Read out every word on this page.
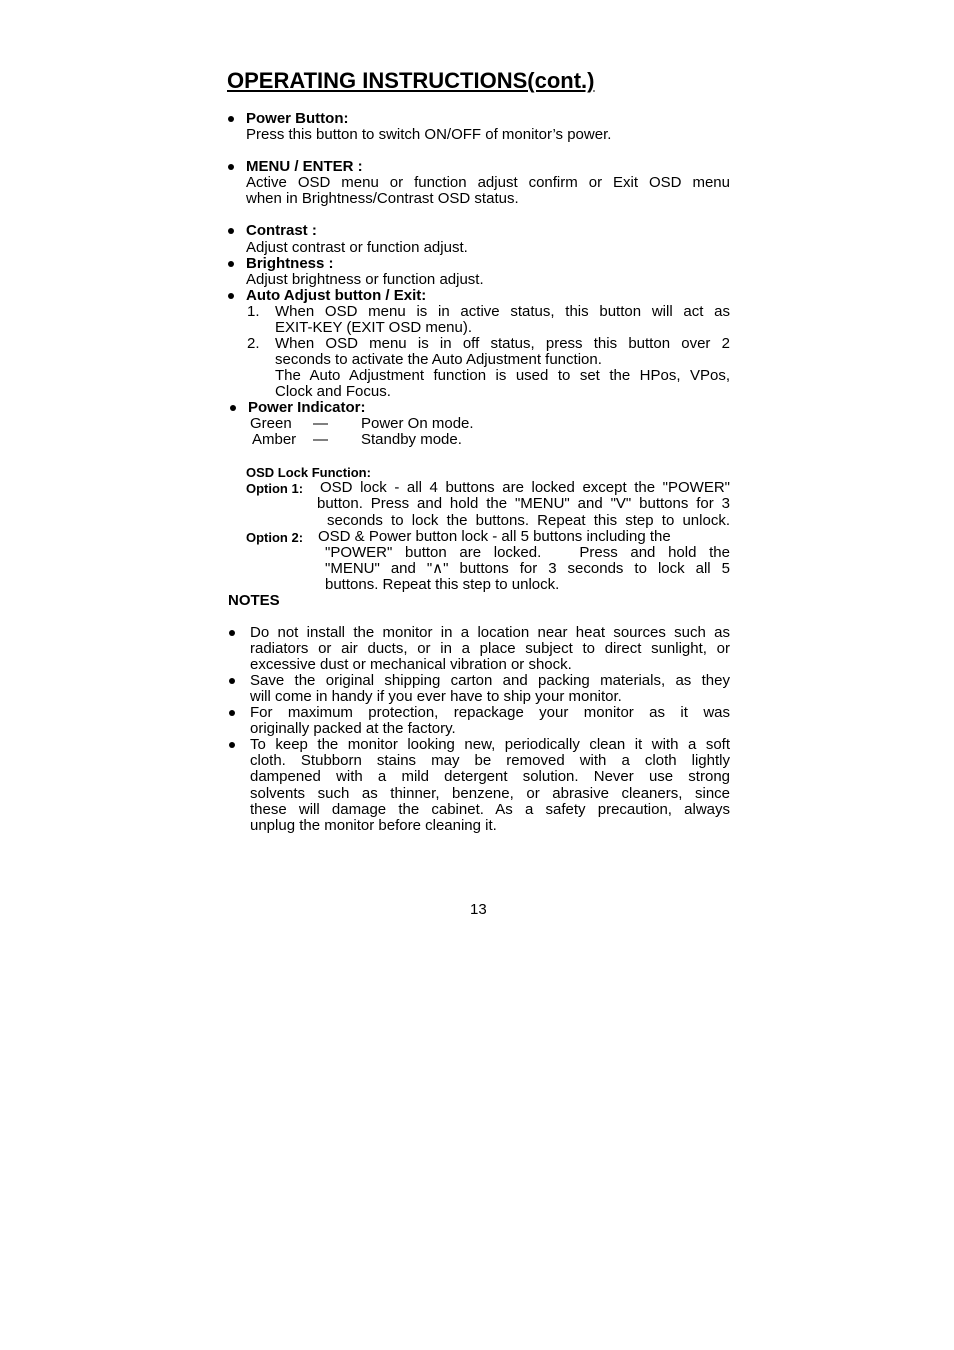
OPERATING INSTRUCTIONS(cont.)
Power Button:
Press this button to switch ON/OFF of monitor’s power.
MENU / ENTER :
Active OSD menu or function adjust confirm or Exit OSD menu
when in Brightness/Contrast OSD status.
Contrast :
Adjust contrast or function adjust.
Brightness :
Adjust brightness or function adjust.
Auto Adjust button / Exit:
1. When OSD menu is in active status, this button will act as
EXIT-KEY (EXIT OSD menu).
2. When OSD menu is in off status, press this button over 2
seconds to activate the Auto Adjustment function.
The Auto Adjustment function is used to set the HPos, VPos,
Clock and Focus.
Power Indicator:
Green — Power On mode.
Amber — Standby mode.
OSD Lock Function:
Option 1: OSD lock - all 4 buttons are locked except the "POWER"
button. Press and hold the "MENU" and "V" buttons for 3
seconds to lock the buttons. Repeat this step to unlock.
Option 2: OSD & Power button lock - all 5 buttons including the
"POWER" button are locked.   Press and hold the
"MENU" and "∧" buttons for 3 seconds to lock all 5
buttons. Repeat this step to unlock.
NOTES
Do not install the monitor in a location near heat sources such as
radiators or air ducts, or in a place subject to direct sunlight, or
excessive dust or mechanical vibration or shock.
Save the original shipping carton and packing materials, as they
will come in handy if you ever have to ship your monitor.
For maximum protection, repackage your monitor as it was
originally packed at the factory.
To keep the monitor looking new, periodically clean it with a soft
cloth. Stubborn stains may be removed with a cloth lightly
dampened with a mild detergent solution. Never use strong
solvents such as thinner, benzene, or abrasive cleaners, since
these will damage the cabinet. As a safety precaution, always
unplug the monitor before cleaning it.
13
